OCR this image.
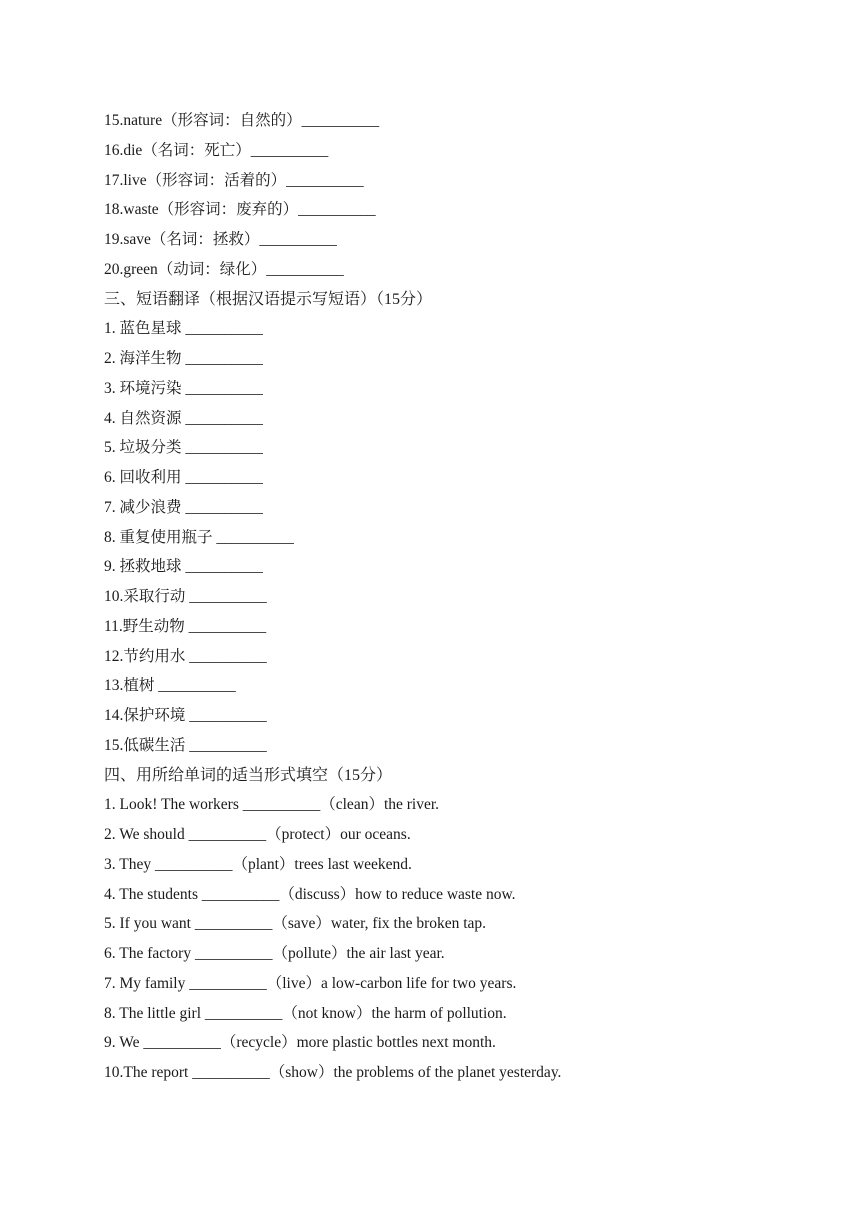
15.nature（形容词：自然的）__________
16.die（名词：死亡）__________
17.live（形容词：活着的）__________
18.waste（形容词：废弃的）__________
19.save（名词：拯救）__________
20.green（动词：绿化）__________
三、短语翻译（根据汉语提示写短语）（15分）
1. 蓝色星球 __________
2. 海洋生物 __________
3. 环境污染 __________
4. 自然资源 __________
5. 垃圾分类 __________
6. 回收利用 __________
7. 减少浪费 __________
8. 重复使用瓶子 __________
9. 拯救地球 __________
10.采取行动 __________
11.野生动物 __________
12.节约用水 __________
13.植树 __________
14.保护环境 __________
15.低碳生活 __________
四、用所给单词的适当形式填空（15分）
1. Look! The workers __________（clean）the river.
2. We should __________（protect）our oceans.
3. They __________（plant）trees last weekend.
4. The students __________（discuss）how to reduce waste now.
5. If you want __________（save）water, fix the broken tap.
6. The factory __________（pollute）the air last year.
7. My family __________（live）a low-carbon life for two years.
8. The little girl __________（not know）the harm of pollution.
9. We __________（recycle）more plastic bottles next month.
10.The report __________（show）the problems of the planet yesterday.
